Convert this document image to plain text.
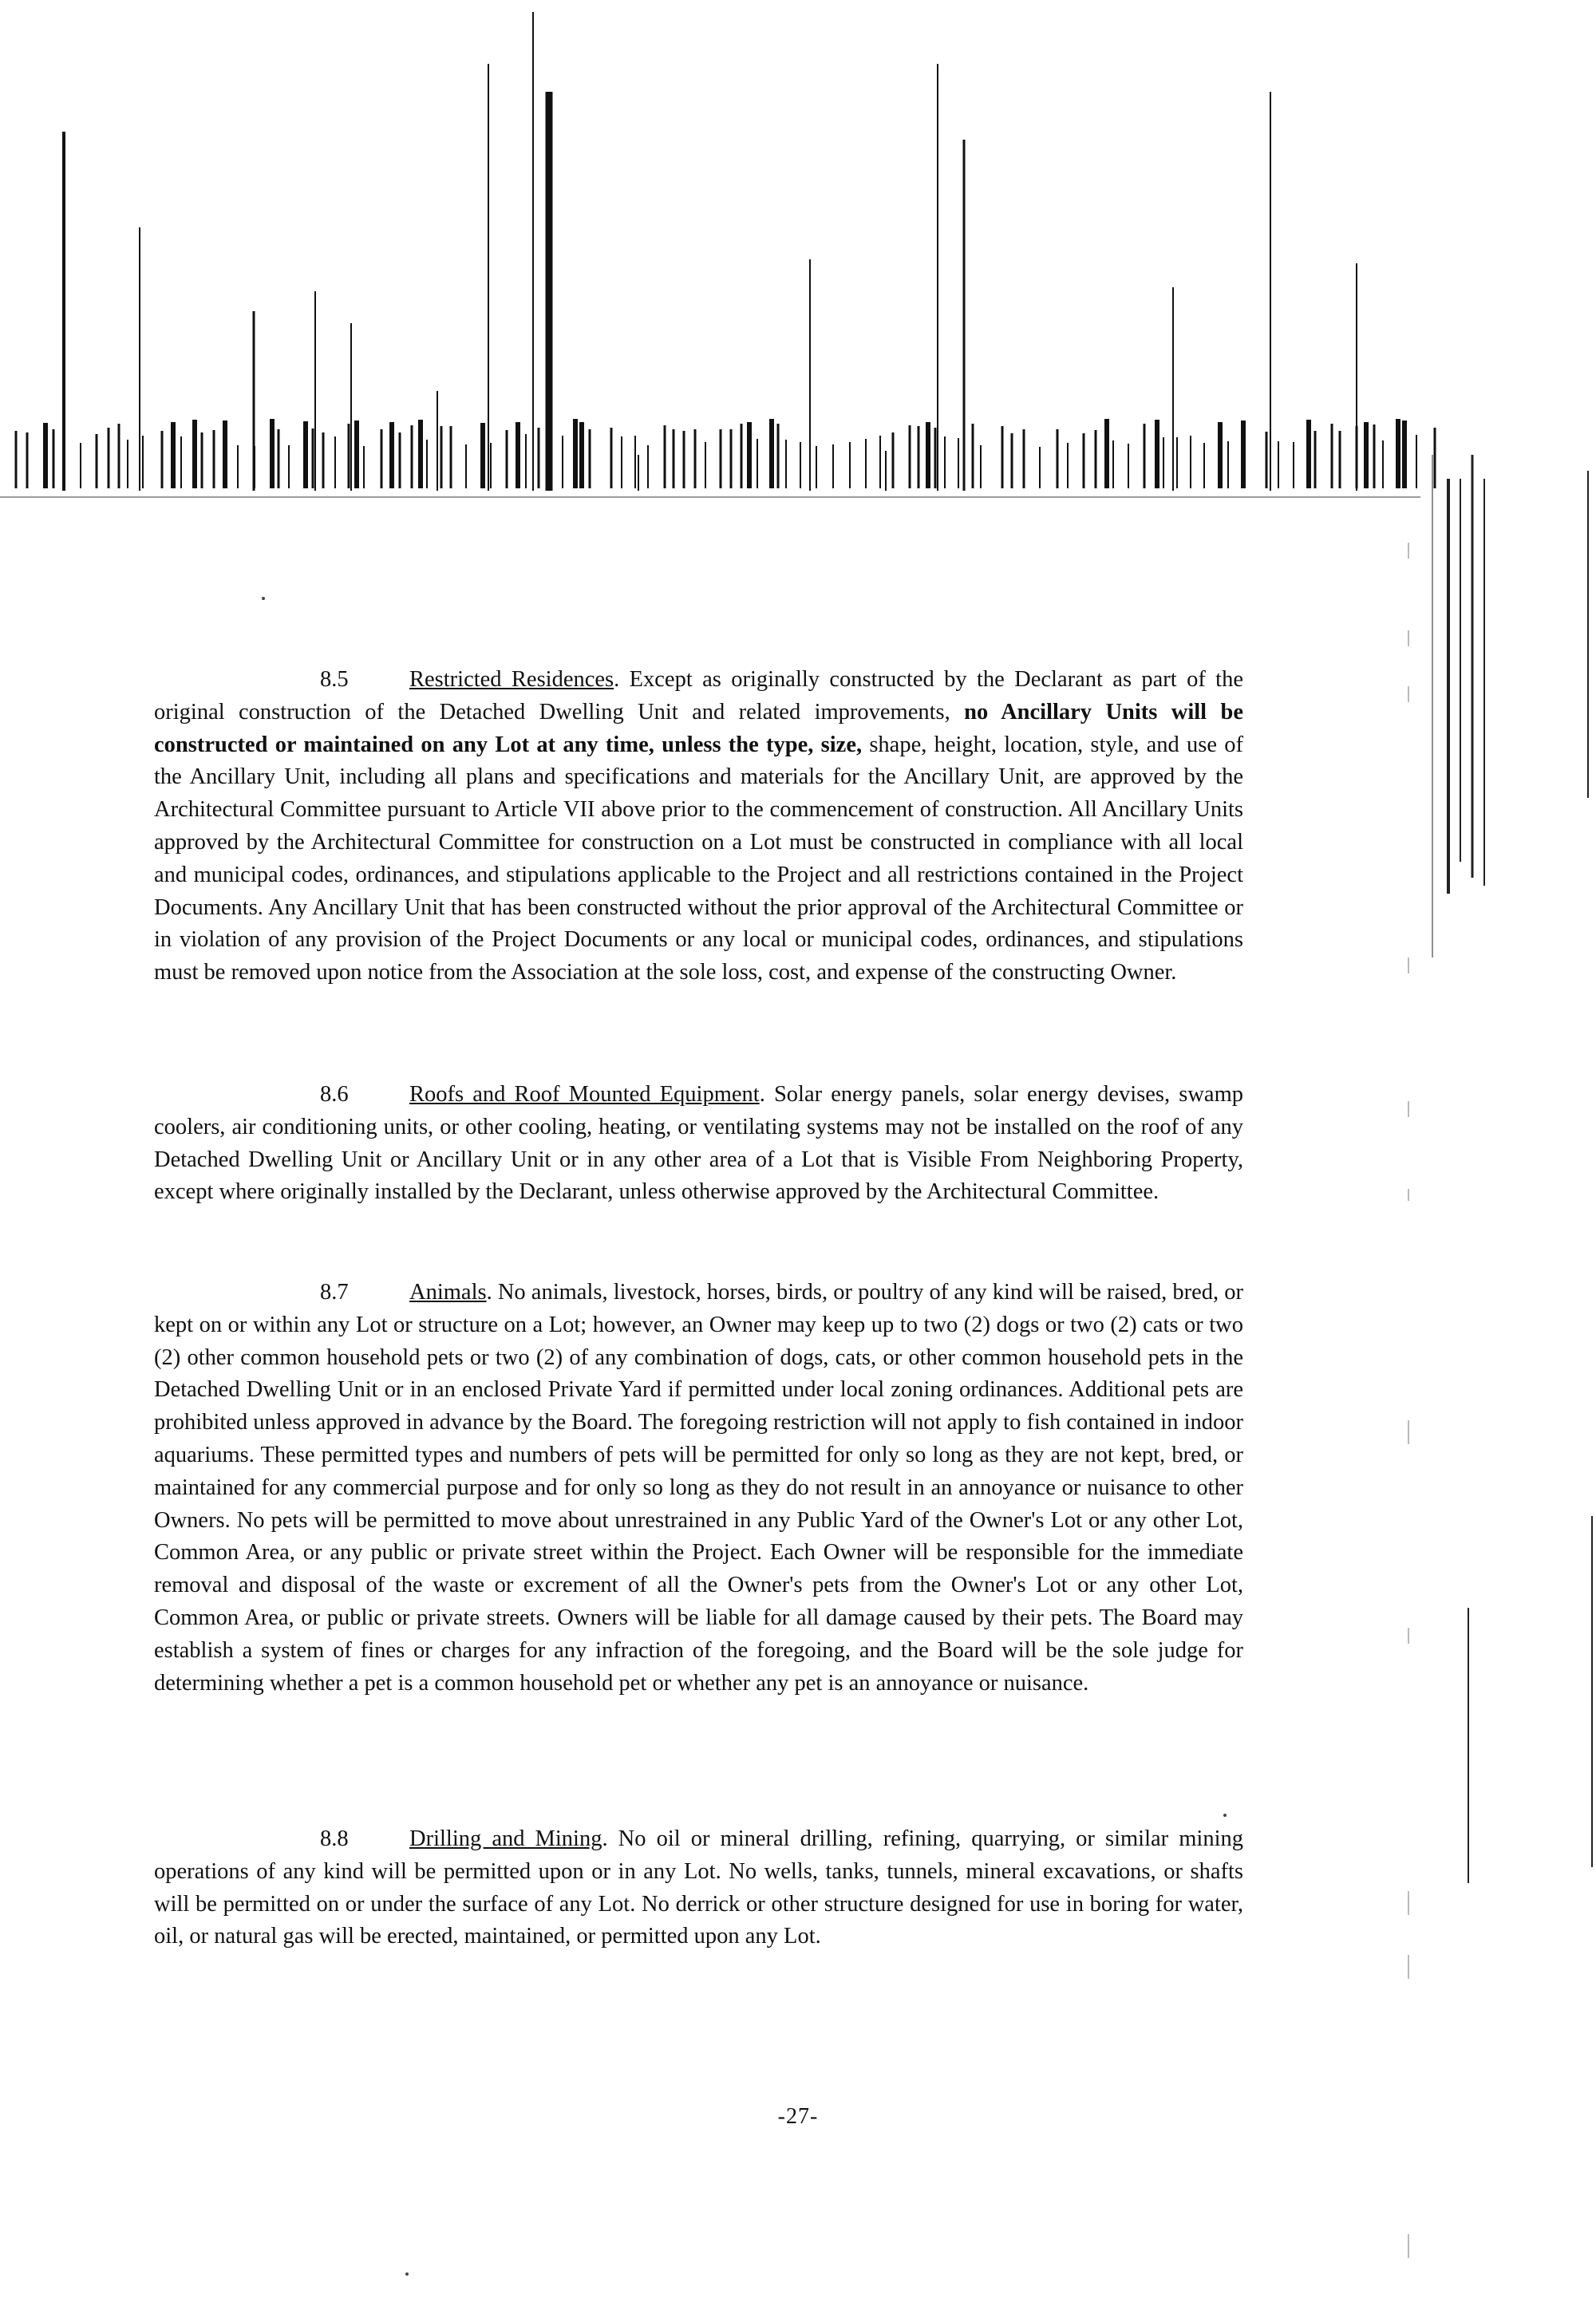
8.5	Restricted Residences. Except as originally constructed by the Declarant as part of the original construction of the Detached Dwelling Unit and related improvements, no Ancillary Units will be constructed or maintained on any Lot at any time, unless the type, size, shape, height, location, style, and use of the Ancillary Unit, including all plans and specifications and materials for the Ancillary Unit, are approved by the Architectural Committee pursuant to Article VII above prior to the commencement of construction. All Ancillary Units approved by the Architectural Committee for construction on a Lot must be constructed in compliance with all local and municipal codes, ordinances, and stipulations applicable to the Project and all restrictions contained in the Project Documents. Any Ancillary Unit that has been constructed without the prior approval of the Architectural Committee or in violation of any provision of the Project Documents or any local or municipal codes, ordinances, and stipulations must be removed upon notice from the Association at the sole loss, cost, and expense of the constructing Owner.
8.6	Roofs and Roof Mounted Equipment. Solar energy panels, solar energy devises, swamp coolers, air conditioning units, or other cooling, heating, or ventilating systems may not be installed on the roof of any Detached Dwelling Unit or Ancillary Unit or in any other area of a Lot that is Visible From Neighboring Property, except where originally installed by the Declarant, unless otherwise approved by the Architectural Committee.
8.7	Animals. No animals, livestock, horses, birds, or poultry of any kind will be raised, bred, or kept on or within any Lot or structure on a Lot; however, an Owner may keep up to two (2) dogs or two (2) cats or two (2) other common household pets or two (2) of any combination of dogs, cats, or other common household pets in the Detached Dwelling Unit or in an enclosed Private Yard if permitted under local zoning ordinances. Additional pets are prohibited unless approved in advance by the Board. The foregoing restriction will not apply to fish contained in indoor aquariums. These permitted types and numbers of pets will be permitted for only so long as they are not kept, bred, or maintained for any commercial purpose and for only so long as they do not result in an annoyance or nuisance to other Owners. No pets will be permitted to move about unrestrained in any Public Yard of the Owner's Lot or any other Lot, Common Area, or any public or private street within the Project. Each Owner will be responsible for the immediate removal and disposal of the waste or excrement of all the Owner's pets from the Owner's Lot or any other Lot, Common Area, or public or private streets. Owners will be liable for all damage caused by their pets. The Board may establish a system of fines or charges for any infraction of the foregoing, and the Board will be the sole judge for determining whether a pet is a common household pet or whether any pet is an annoyance or nuisance.
8.8	Drilling and Mining. No oil or mineral drilling, refining, quarrying, or similar mining operations of any kind will be permitted upon or in any Lot. No wells, tanks, tunnels, mineral excavations, or shafts will be permitted on or under the surface of any Lot. No derrick or other structure designed for use in boring for water, oil, or natural gas will be erected, maintained, or permitted upon any Lot.
-27-
